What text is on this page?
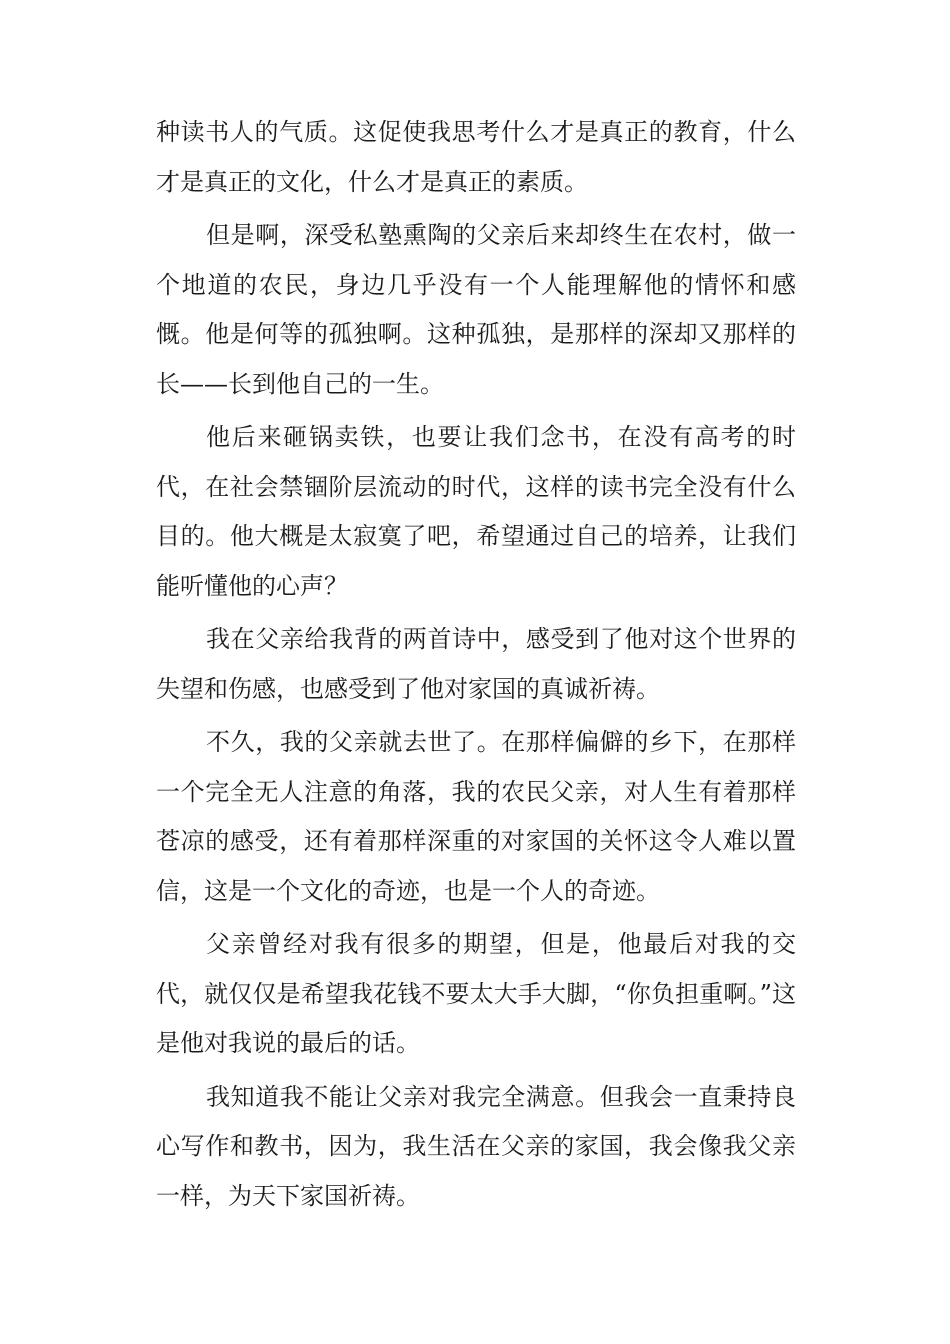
种读书人的气质。这促使我思考什么才是真正的教育，什么才是真正的文化，什么才是真正的素质。

但是啊，深受私塾熏陶的父亲后来却终生在农村，做一个地道的农民，身边几乎没有一个人能理解他的情怀和感慨。他是何等的孤独啊。这种孤独，是那样的深却又那样的长——长到他自己的一生。

他后来砸锅卖铁，也要让我们念书，在没有高考的时代，在社会禁锢阶层流动的时代，这样的读书完全没有什么目的。他大概是太寂寞了吧，希望通过自己的培养，让我们能听懂他的心声？

我在父亲给我背的两首诗中，感受到了他对这个世界的失望和伤感，也感受到了他对家国的真诚祈祷。

不久，我的父亲就去世了。在那样偏僻的乡下，在那样一个完全无人注意的角落，我的农民父亲，对人生有着那样苍凉的感受，还有着那样深重的对家国的关怀这令人难以置信，这是一个文化的奇迹，也是一个人的奇迹。

父亲曾经对我有很多的期望，但是，他最后对我的交代，就仅仅是希望我花钱不要太大手大脚，“你负担重啊。”这是他对我说的最后的话。

我知道我不能让父亲对我完全满意。但我会一直秉持良心写作和教书，因为，我生活在父亲的家国，我会像我父亲一样，为天下家国祈祷。
